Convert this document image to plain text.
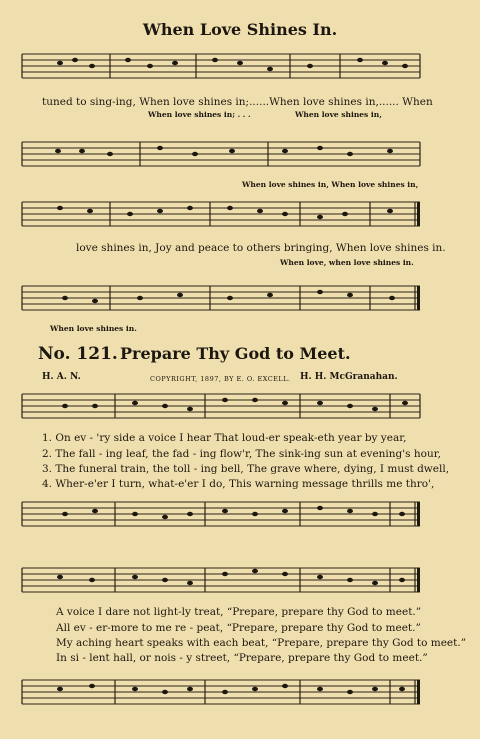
When Love Shines In.

tuned to sing-ing, When love shines in;......When love shines in,...... When

When love shines in; . . .	When love shines in,

When love shines in, When love shines in,

love shines in, Joy and peace to others bringing, When love shines in.

When love, when love shines in.

When love shines in.

No. 121. Prepare Thy God to Meet.

H. A. N.	COPYRIGHT, 1897, BY E. O. EXCELL. H. H. McGranahan.

1. On ev - 'ry side a voice I hear That loud-er speak-eth year by year,

2. The fall - ing leaf, the fad - ing flow'r, The sink-ing sun at evening's hour,

3. The funeral train, the toll - ing bell, The grave where, dying, I must dwell,

4. Wher-e'er I turn, what-e'er I do, This warning message thrills me thro',

A voice I dare not light-ly treat, “Prepare, prepare thy God to meet.”

All ev - er-more to me re - peat, “Prepare, prepare thy God to meet.”

My aching heart speaks with each beat, “Prepare, prepare thy God to meet.”

In si - lent hall, or nois - y street, “Prepare, prepare thy God to meet.”
